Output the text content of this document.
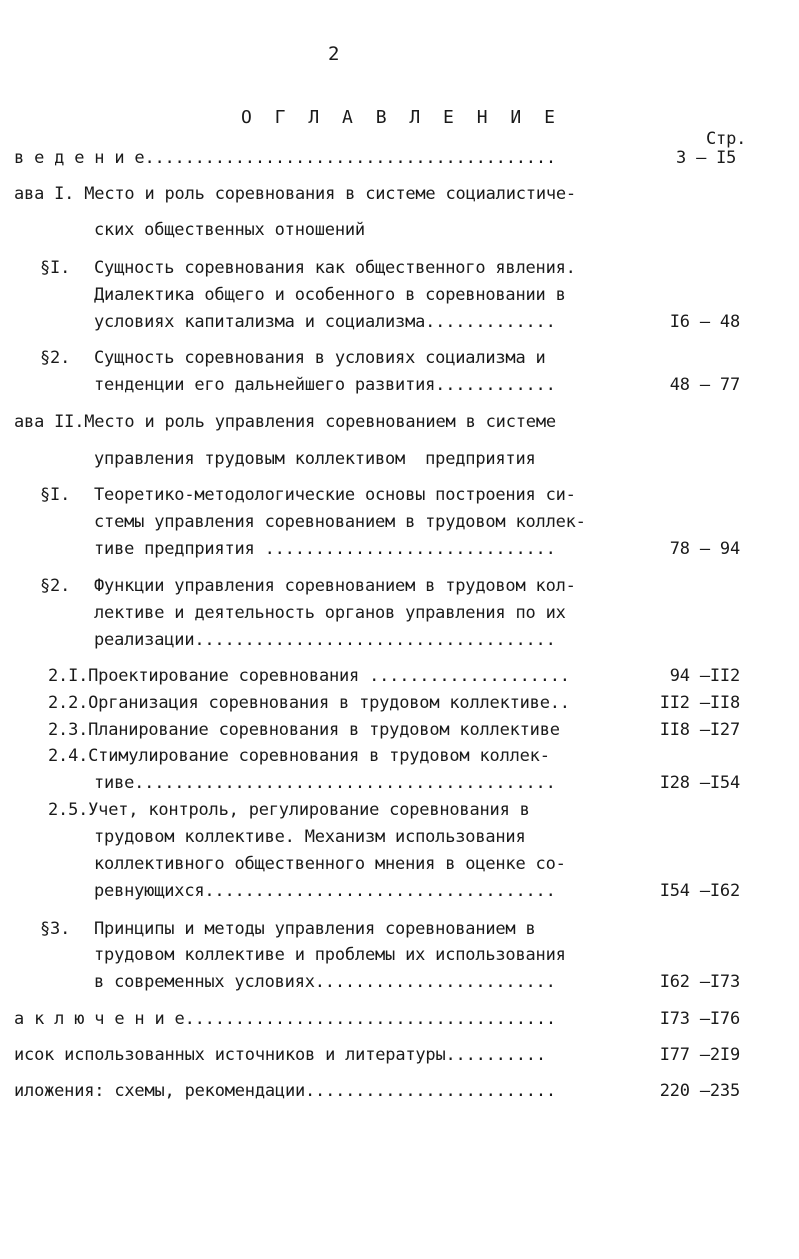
2
О Г Л А В Л Е Н И Е
Стр.
в е д е н и е.........................................	3 – I5
ава I. Место и роль соревнования в системе социалистиче-
ских общественных отношений
§I. Сущность соревнования как общественного явления.
Диалектика общего и особенного в соревновании в
условиях капитализма и социализма.............	I6 – 48
§2. Сущность соревнования в условиях социализма и
тенденции его дальнейшего развития............	48 – 77
ава II.Место и роль управления соревнованием в системе
управления трудовым коллективом  предприятия
§I. Теоретико-методологические основы построения си-
стемы управления соревнованием в трудовом коллек-
тиве предприятия .............................	78 – 94
§2. Функции управления соревнованием в трудовом кол-
лективе и деятельность органов управления по их
реализации....................................
2.I.Проектирование соревнования ....................	94 –II2
2.2.Организация соревнования в трудовом коллективе..	II2 –II8
2.3.Планирование соревнования в трудовом коллективе	II8 –I27
2.4.Стимулирование соревнования в трудовом коллек-
тиве..........................................	I28 –I54
2.5.Учет, контроль, регулирование соревнования в
трудовом коллективе. Механизм использования
коллективного общественного мнения в оценке со-
ревнующихся...................................	I54 –I62
§3. Принципы и методы управления соревнованием в
трудовом коллективе и проблемы их использования
в современных условиях........................	I62 –I73
а к л ю ч е н и е.....................................	I73 –I76
исок использованных источников и литературы..........	I77 –2I9
иложения: схемы, рекомендации.........................	220 –235
